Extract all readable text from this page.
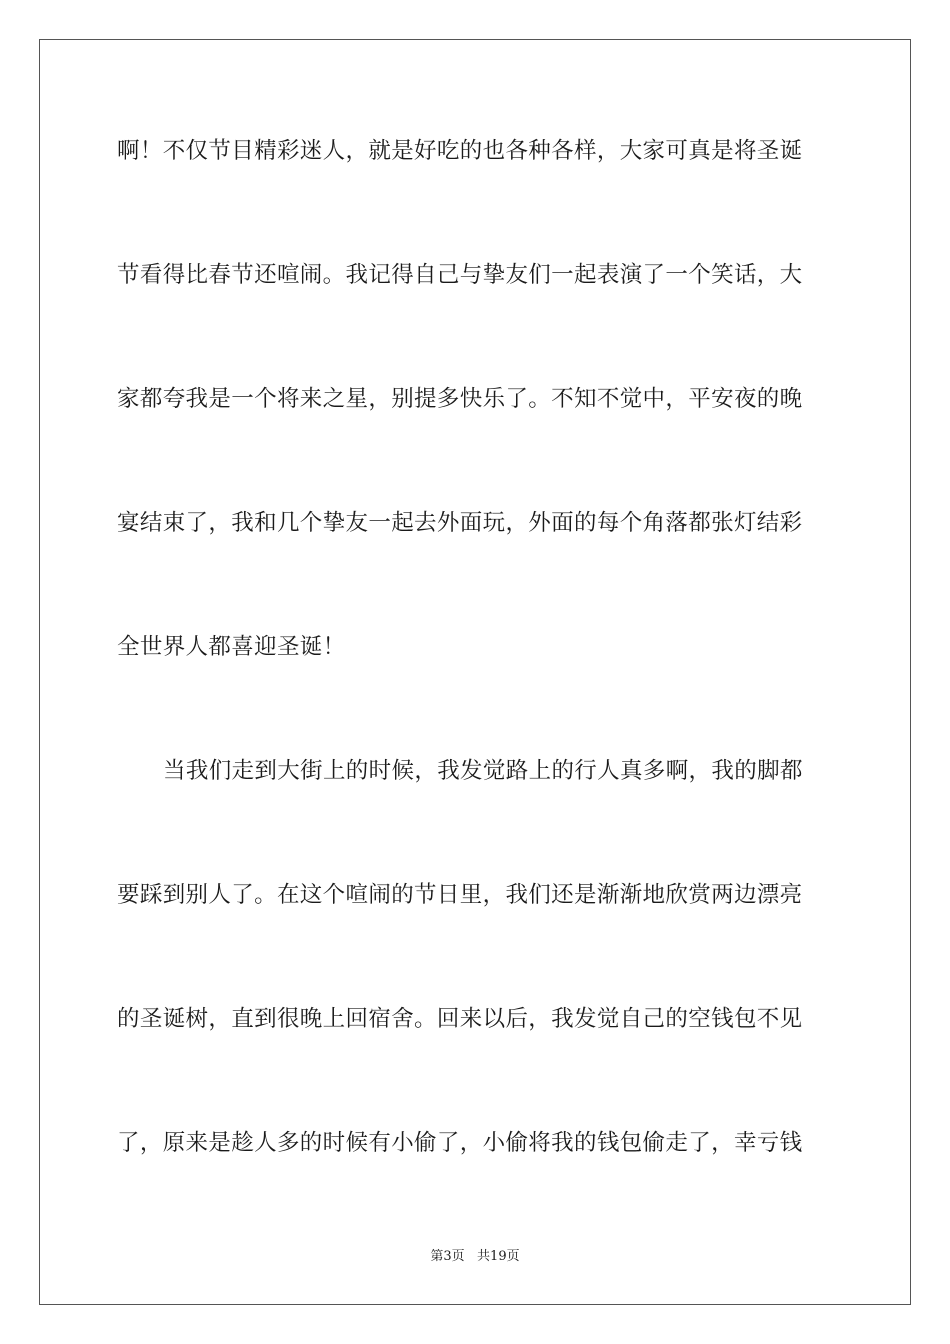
啊！不仅节目精彩迷人，就是好吃的也各种各样，大家可真是将圣诞
节看得比春节还喧闹。我记得自己与挚友们一起表演了一个笑话，大
家都夸我是一个将来之星，别提多快乐了。不知不觉中，平安夜的晚
宴结束了，我和几个挚友一起去外面玩，外面的每个角落都张灯结彩
全世界人都喜迎圣诞！
当我们走到大街上的时候，我发觉路上的行人真多啊，我的脚都
要踩到别人了。在这个喧闹的节日里，我们还是渐渐地欣赏两边漂亮
的圣诞树，直到很晚上回宿舍。回来以后，我发觉自己的空钱包不见
了，原来是趁人多的时候有小偷了，小偷将我的钱包偷走了，幸亏钱
第3页   共19页
